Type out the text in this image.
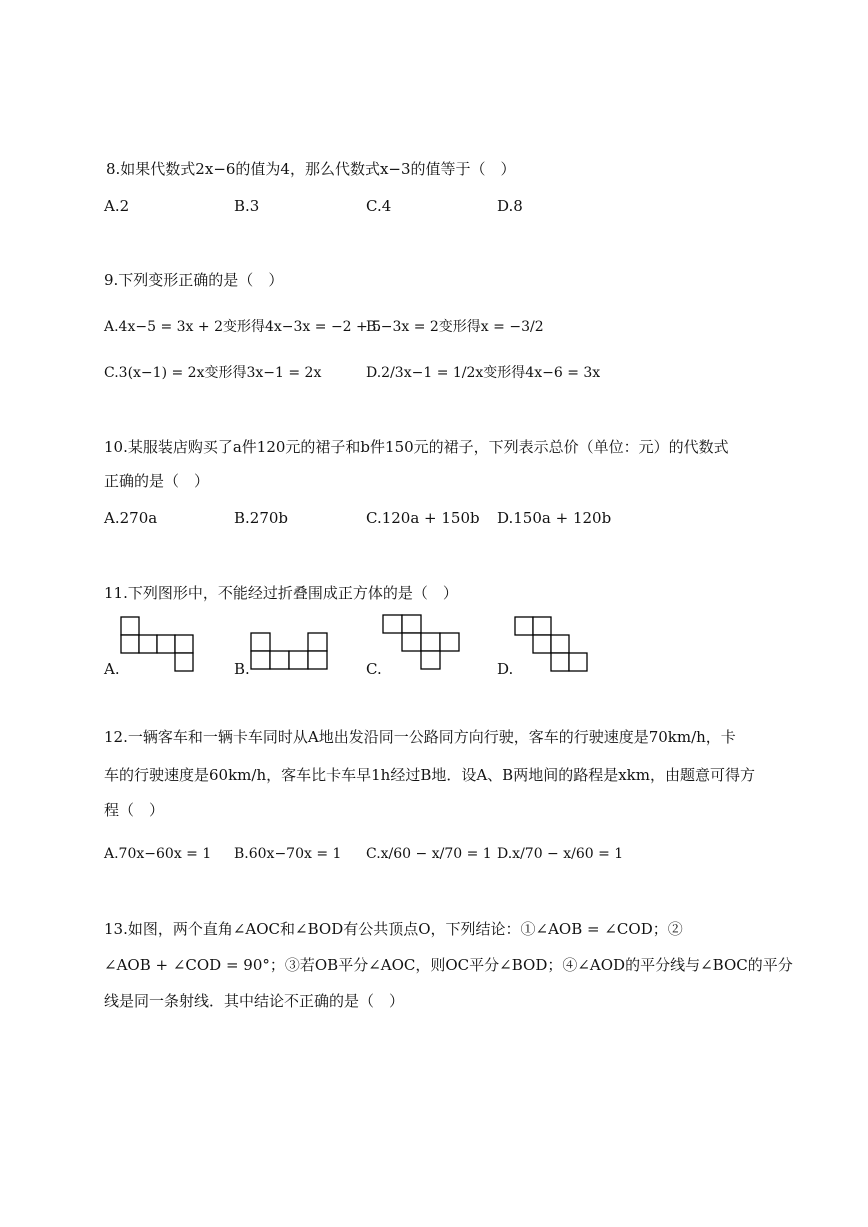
8.如果代数式2x−6的值为4，那么代数式x−3的值等于（　）
A.2	B.3	C.4	D.8
9.下列变形正确的是（　）
A.4x−5 = 3x + 2变形得4x−3x = −2 + 5
B.−3x = 2变形得x = −3/2
C.3(x−1) = 2x变形得3x−1 = 2x	D.2/3x−1 = 1/2x变形得4x−6 = 3x
10.某服装店购买了a件120元的裙子和b件150元的裙子，下列表示总价（单位：元）的代数式
正确的是（　）
A.270a	B.270b	C.120a + 150b D.150a + 120b
11.下列图形中，不能经过折叠围成正方体的是（　）
A.	B.	C.	D.
12.一辆客车和一辆卡车同时从A地出发沿同一公路同方向行驶，客车的行驶速度是70km/h，卡
车的行驶速度是60km/h，客车比卡车早1h经过B地．设A、B两地间的路程是xkm，由题意可得方
程（　）
A.70x−60x = 1 B.60x−70x = 1 C.x/60 − x/70 = 1 D.x/70 − x/60 = 1
13.如图，两个直角∠AOC和∠BOD有公共顶点O，下列结论：①∠AOB = ∠COD；②
∠AOB + ∠COD = 90°；③若OB平分∠AOC，则OC平分∠BOD；④∠AOD的平分线与∠BOC的平分
线是同一条射线．其中结论不正确的是（　）
